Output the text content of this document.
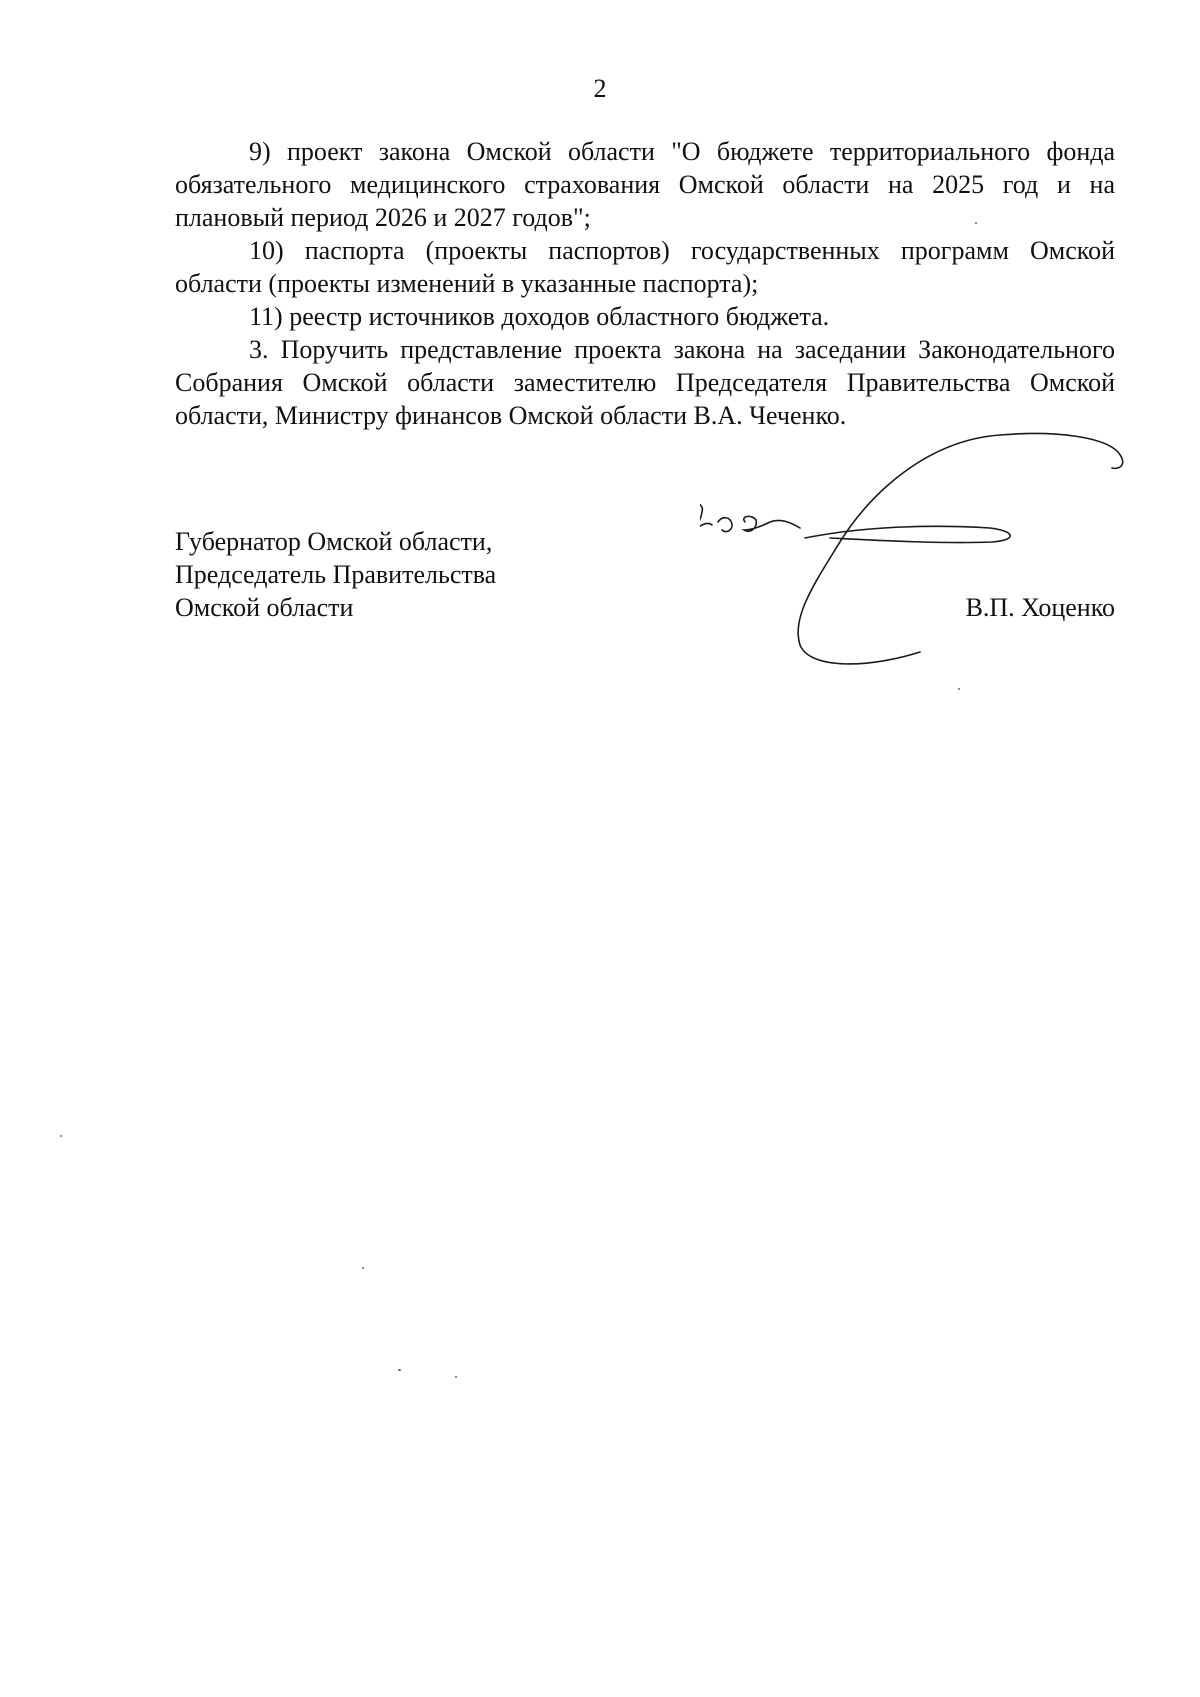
2

9) проект закона Омской области "О бюджете территориального фонда обязательного медицинского страхования Омской области на 2025 год и на плановый период 2026 и 2027 годов";

10) паспорта (проекты паспортов) государственных программ Омской области (проекты изменений в указанные паспорта);

11) реестр источников доходов областного бюджета.

3. Поручить представление проекта закона на заседании Законодательного Собрания Омской области заместителю Председателя Правительства Омской области, Министру финансов Омской области В.А. Чеченко.

Губернатор Омской области,
Председатель Правительства
Омской области	В.П. Хоценко
